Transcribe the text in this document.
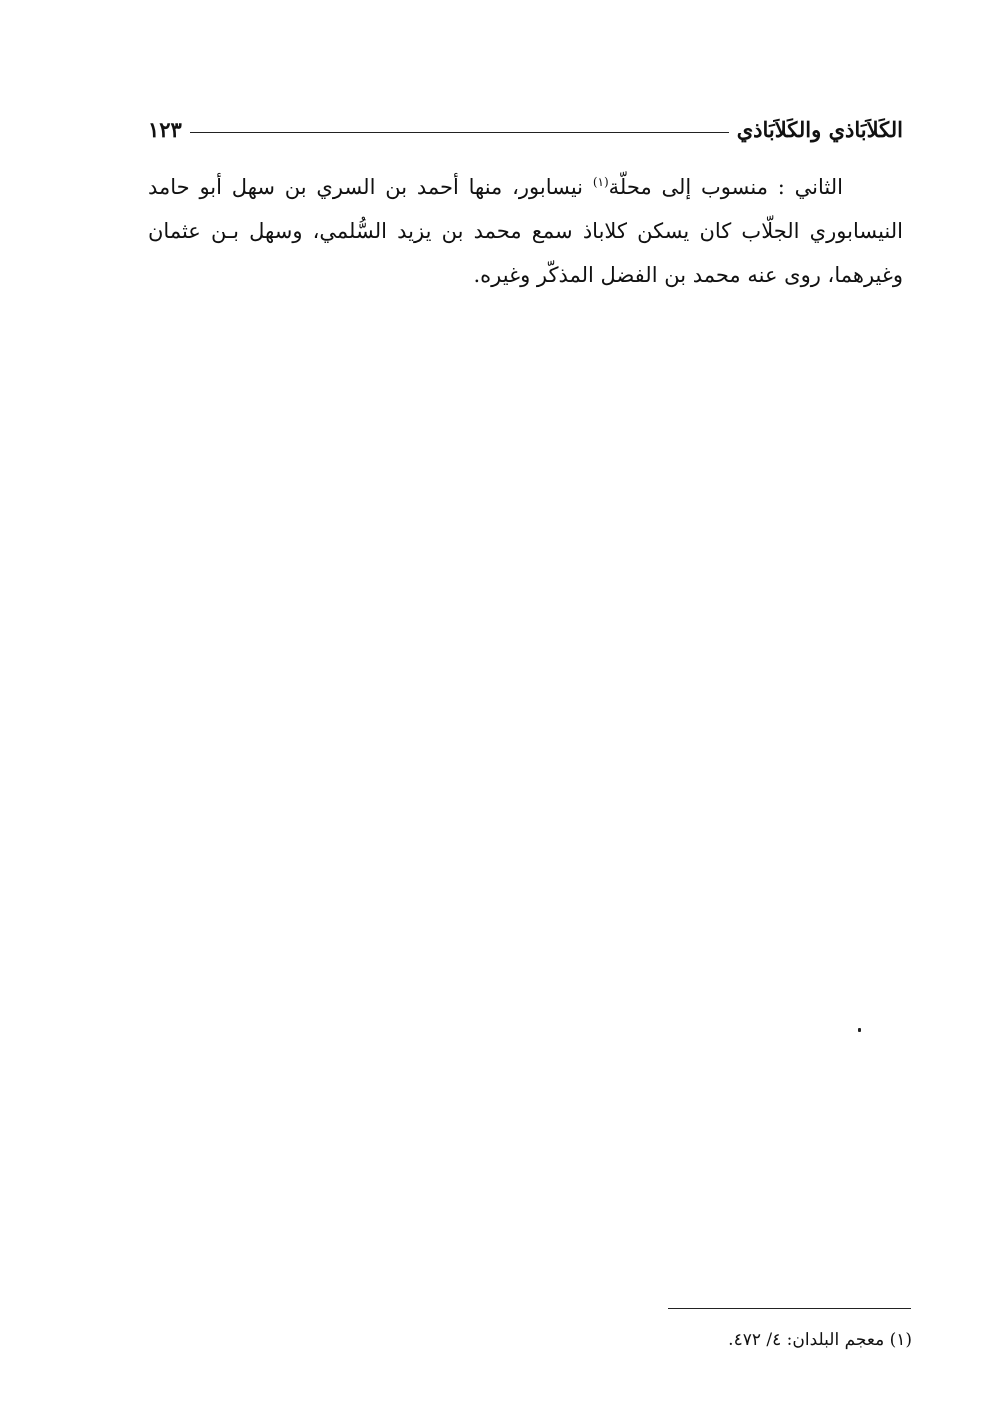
الكَلاَبَاذي والكَلاَبَاذي
١٢٣

الثاني : منسوب إلى محلّة$^{(١)}$ نيسابور، منها أحمد بن السري بن سهل أبو حامد النيسابوري الجلّاب كان يسكن كلاباذ سمع محمد بن يزيد السُّلمي، وسهل بـن عثمان وغيرهما، روى عنه محمد بن الفضل المذكّر وغيره.

(١) معجم البلدان: ٤/ ٤٧٢.
